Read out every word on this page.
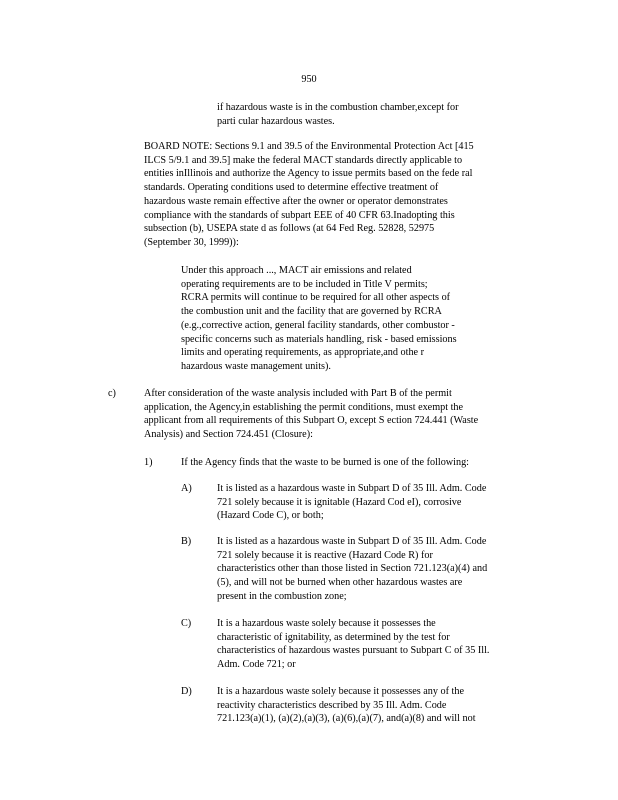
950
if hazardous waste is in the combustion chamber,except for
parti cular hazardous wastes.
BOARD NOTE: Sections 9.1 and 39.5 of the Environmental Protection Act [415
ILCS 5/9.1 and 39.5] make the federal MACT standards directly applicable to
entities inIllinois and authorize the Agency to issue permits based on the fede ral
standards. Operating conditions used to determine effective treatment of
hazardous waste remain effective after the owner or operator demonstrates
compliance with the standards of subpart EEE of 40 CFR 63.Inadopting this
subsection (b), USEPA state d as follows (at 64 Fed Reg. 52828, 52975
(September 30, 1999)):
Under this approach ..., MACT air emissions and related
operating requirements are to be included in Title V permits;
RCRA permits will continue to be required for all other aspects of
the combustion unit and the facility that are governed by RCRA
(e.g.,corrective action, general facility standards, other combustor -
specific concerns such as materials handling, risk - based emissions
limits and operating requirements, as appropriate,and othe r
hazardous waste management units).
c)	After consideration of the waste analysis included with Part B of the permit
application, the Agency,in establishing the permit conditions, must exempt the
applicant from all requirements of this Subpart O, except S ection 724.441 (Waste
Analysis) and Section 724.451 (Closure):
1)	If the Agency finds that the waste to be burned is one of the following:
A) It is listed as a hazardous waste in Subpart D of 35 Ill. Adm. Code
721 solely because it is ignitable (Hazard Cod eI), corrosive
(Hazard Code C), or both;
B)	It is listed as a hazardous waste in Subpart D of 35 Ill. Adm. Code
721 solely because it is reactive (Hazard Code R) for
characteristics other than those listed in Section 721.123(a)(4) and
(5), and will not be burned when other hazardous wastes are
present in the combustion zone;
C)	It is a hazardous waste solely because it possesses the
characteristic of ignitability, as determined by the test for
characteristics of hazardous wastes pursuant to Subpart C of 35 Ill.
Adm. Code 721; or
D) It is a hazardous waste solely because it possesses any of the
reactivity characteristics described by 35 Ill. Adm. Code
721.123(a)(1), (a)(2),(a)(3), (a)(6),(a)(7), and(a)(8) and will not
